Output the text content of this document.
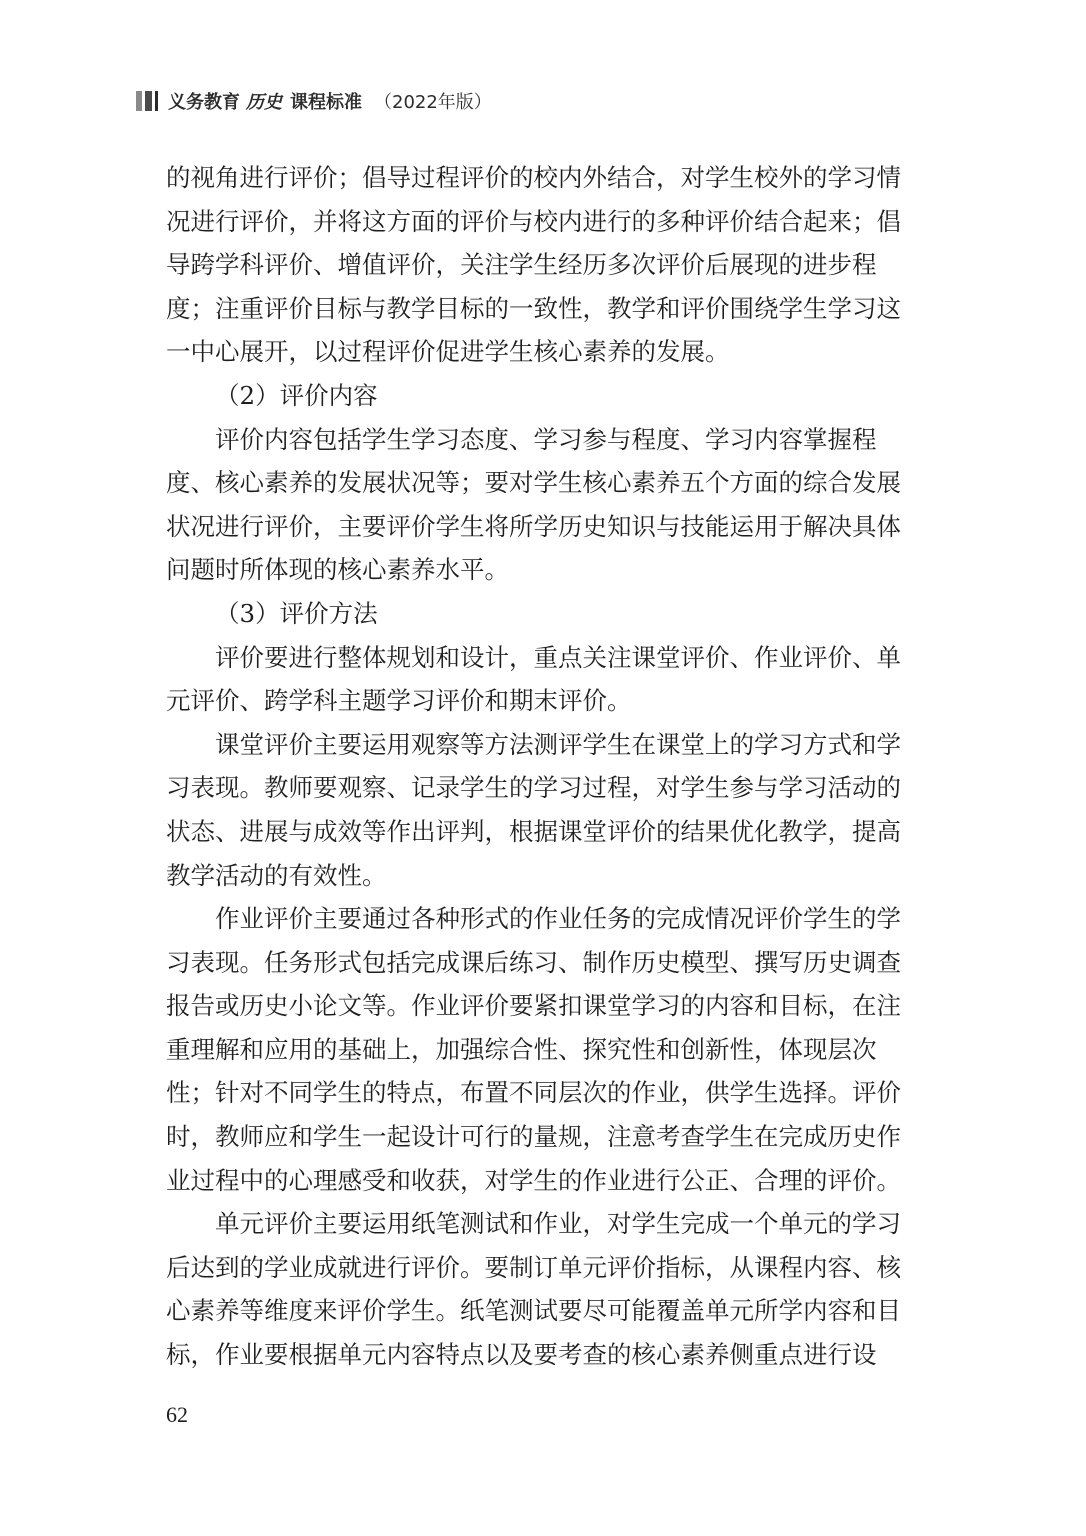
义务教育 历史 课程标准 （2022年版）
的视角进行评价；倡导过程评价的校内外结合，对学生校外的学习情
况进行评价，并将这方面的评价与校内进行的多种评价结合起来；倡
导跨学科评价、增值评价，关注学生经历多次评价后展现的进步程
度；注重评价目标与教学目标的一致性，教学和评价围绕学生学习这
一中心展开，以过程评价促进学生核心素养的发展。
（2）评价内容
评价内容包括学生学习态度、学习参与程度、学习内容掌握程
度、核心素养的发展状况等；要对学生核心素养五个方面的综合发展
状况进行评价，主要评价学生将所学历史知识与技能运用于解决具体
问题时所体现的核心素养水平。
（3）评价方法
评价要进行整体规划和设计，重点关注课堂评价、作业评价、单
元评价、跨学科主题学习评价和期末评价。
课堂评价主要运用观察等方法测评学生在课堂上的学习方式和学
习表现。教师要观察、记录学生的学习过程，对学生参与学习活动的
状态、进展与成效等作出评判，根据课堂评价的结果优化教学，提高
教学活动的有效性。
作业评价主要通过各种形式的作业任务的完成情况评价学生的学
习表现。任务形式包括完成课后练习、制作历史模型、撰写历史调查
报告或历史小论文等。作业评价要紧扣课堂学习的内容和目标，在注
重理解和应用的基础上，加强综合性、探究性和创新性，体现层次
性；针对不同学生的特点，布置不同层次的作业，供学生选择。评价
时，教师应和学生一起设计可行的量规，注意考查学生在完成历史作
业过程中的心理感受和收获，对学生的作业进行公正、合理的评价。
单元评价主要运用纸笔测试和作业，对学生完成一个单元的学习
后达到的学业成就进行评价。要制订单元评价指标，从课程内容、核
心素养等维度来评价学生。纸笔测试要尽可能覆盖单元所学内容和目
标，作业要根据单元内容特点以及要考查的核心素养侧重点进行设
62
